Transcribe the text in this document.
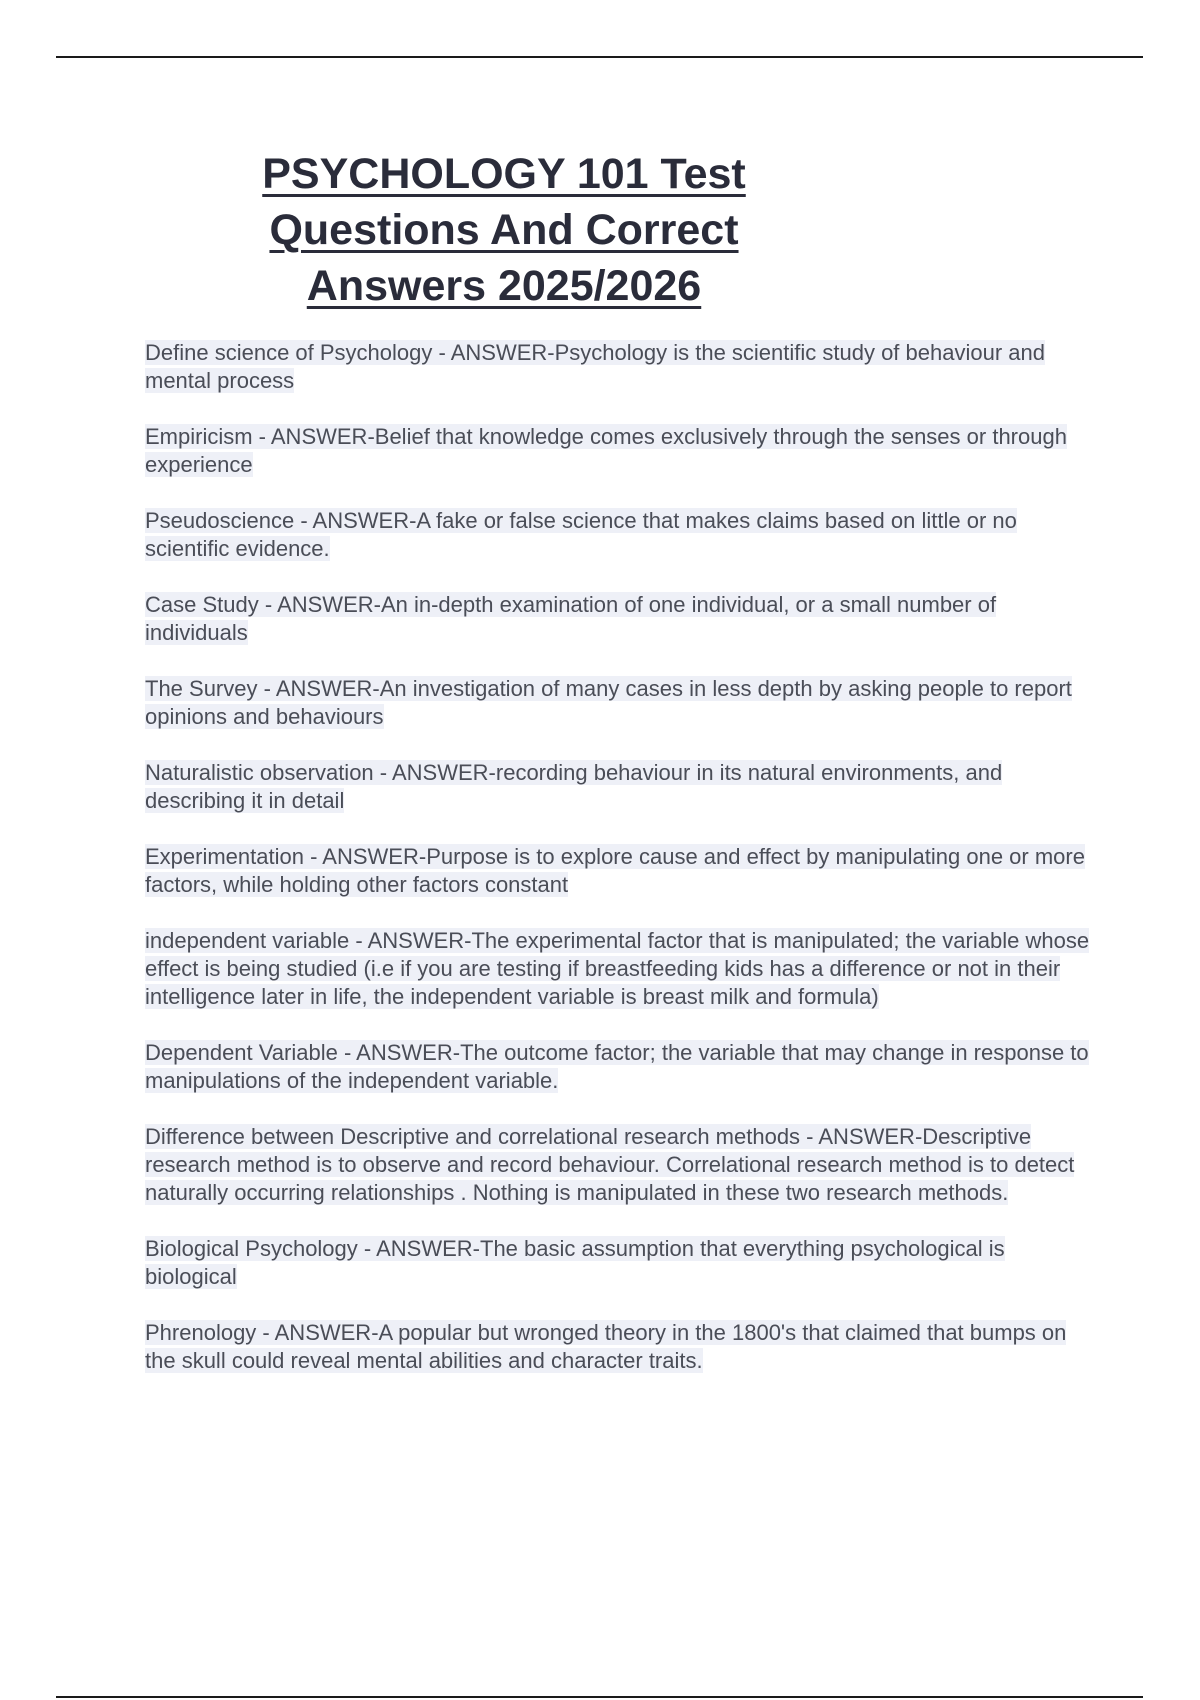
PSYCHOLOGY 101 Test
Questions And Correct
Answers 2025/2026

Define science of Psychology - ANSWER-Psychology is the scientific study of behaviour and mental process

Empiricism - ANSWER-Belief that knowledge comes exclusively through the senses or through experience

Pseudoscience - ANSWER-A fake or false science that makes claims based on little or no scientific evidence.

Case Study - ANSWER-An in-depth examination of one individual, or a small number of individuals

The Survey - ANSWER-An investigation of many cases in less depth by asking people to report opinions and behaviours

Naturalistic observation - ANSWER-recording behaviour in its natural environments, and describing it in detail

Experimentation - ANSWER-Purpose is to explore cause and effect by manipulating one or more factors, while holding other factors constant

independent variable - ANSWER-The experimental factor that is manipulated; the variable whose effect is being studied (i.e if you are testing if breastfeeding kids has a difference or not in their intelligence later in life, the independent variable is breast milk and formula)

Dependent Variable - ANSWER-The outcome factor; the variable that may change in response to manipulations of the independent variable.

Difference between Descriptive and correlational research methods - ANSWER-Descriptive research method is to observe and record behaviour. Correlational research method is to detect naturally occurring relationships . Nothing is manipulated in these two research methods.

Biological Psychology - ANSWER-The basic assumption that everything psychological is biological

Phrenology - ANSWER-A popular but wronged theory in the 1800's that claimed that bumps on the skull could reveal mental abilities and character traits.
